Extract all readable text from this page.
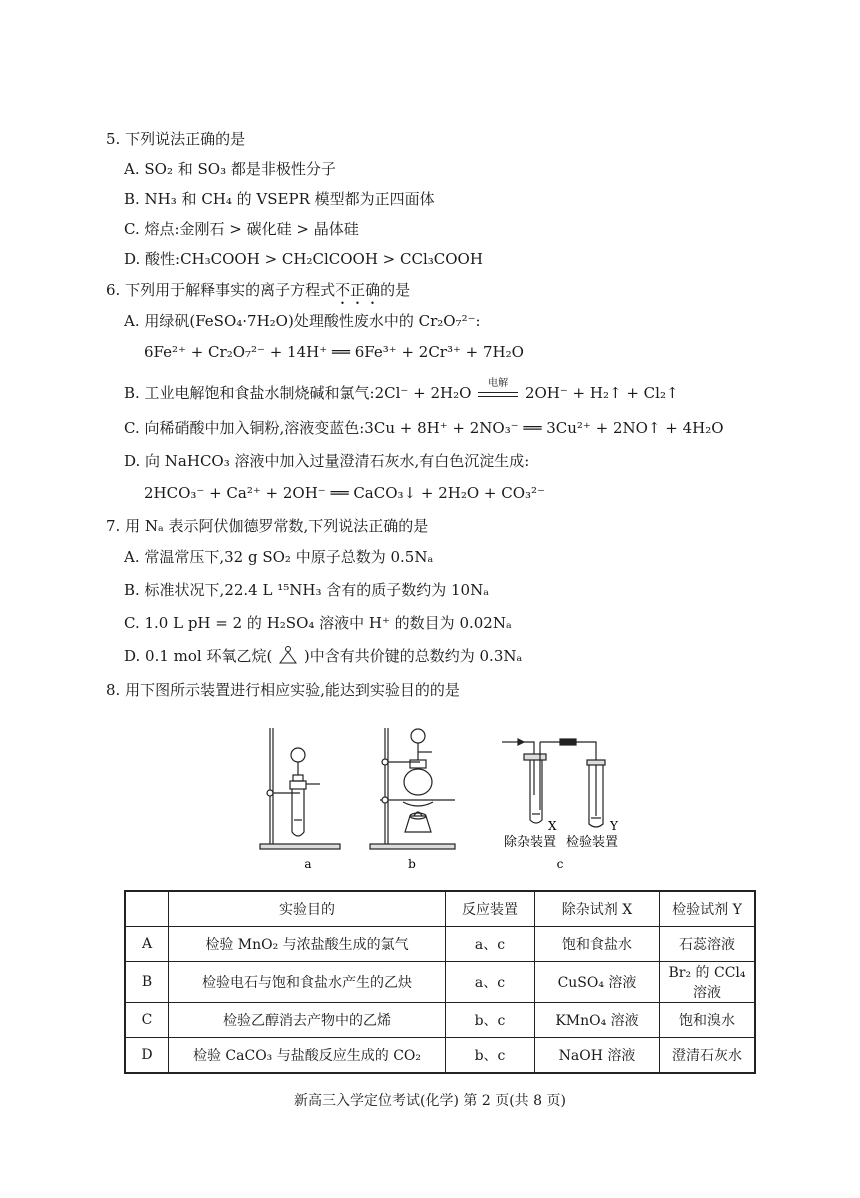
5. 下列说法正确的是
A. SO₂ 和 SO₃ 都是非极性分子
B. NH₃ 和 CH₄ 的 VSEPR 模型都为正四面体
C. 熔点:金刚石 > 碳化硅 > 晶体硅
D. 酸性:CH₃COOH > CH₂ClCOOH > CCl₃COOH
6. 下列用于解释事实的离子方程式不正确的是
A. 用绿矾(FeSO₄·7H₂O)处理酸性废水中的 Cr₂O₇²⁻:
6Fe²⁺ + Cr₂O₇²⁻ + 14H⁺ ══ 6Fe³⁺ + 2Cr³⁺ + 7H₂O
B. 工业电解饱和食盐水制烧碱和氯气:2Cl⁻ + 2H₂O
电解
2OH⁻ + H₂↑ + Cl₂↑
C. 向稀硝酸中加入铜粉,溶液变蓝色:3Cu + 8H⁺ + 2NO₃⁻ ══ 3Cu²⁺ + 2NO↑ + 4H₂O
D. 向 NaHCO₃ 溶液中加入过量澄清石灰水,有白色沉淀生成:
2HCO₃⁻ + Ca²⁺ + 2OH⁻ ══ CaCO₃↓ + 2H₂O + CO₃²⁻
7. 用 Nₐ 表示阿伏伽德罗常数,下列说法正确的是
A. 常温常压下,32 g SO₂ 中原子总数为 0.5Nₐ
B. 标准状况下,22.4 L ¹⁵NH₃ 含有的质子数约为 10Nₐ
C. 1.0 L pH = 2 的 H₂SO₄ 溶液中 H⁺ 的数目为 0.02Nₐ
D. 0.1 mol 环氧乙烷( )中含有共价键的总数约为 0.3Nₐ
8. 用下图所示装置进行相应实验,能达到实验目的的是
a	b	c
X	Y
除杂装置 检验装置
	实验目的	反应装置	除杂试剂 X	检验试剂 Y
A	检验 MnO₂ 与浓盐酸生成的氯气	a、c	饱和食盐水	石蕊溶液
B	检验电石与饱和食盐水产生的乙炔	a、c	CuSO₄ 溶液	Br₂ 的 CCl₄ 溶液
C	检验乙醇消去产物中的乙烯	b、c	KMnO₄ 溶液	饱和溴水
D	检验 CaCO₃ 与盐酸反应生成的 CO₂	b、c	NaOH 溶液	澄清石灰水
新高三入学定位考试(化学) 第 2 页(共 8 页)
